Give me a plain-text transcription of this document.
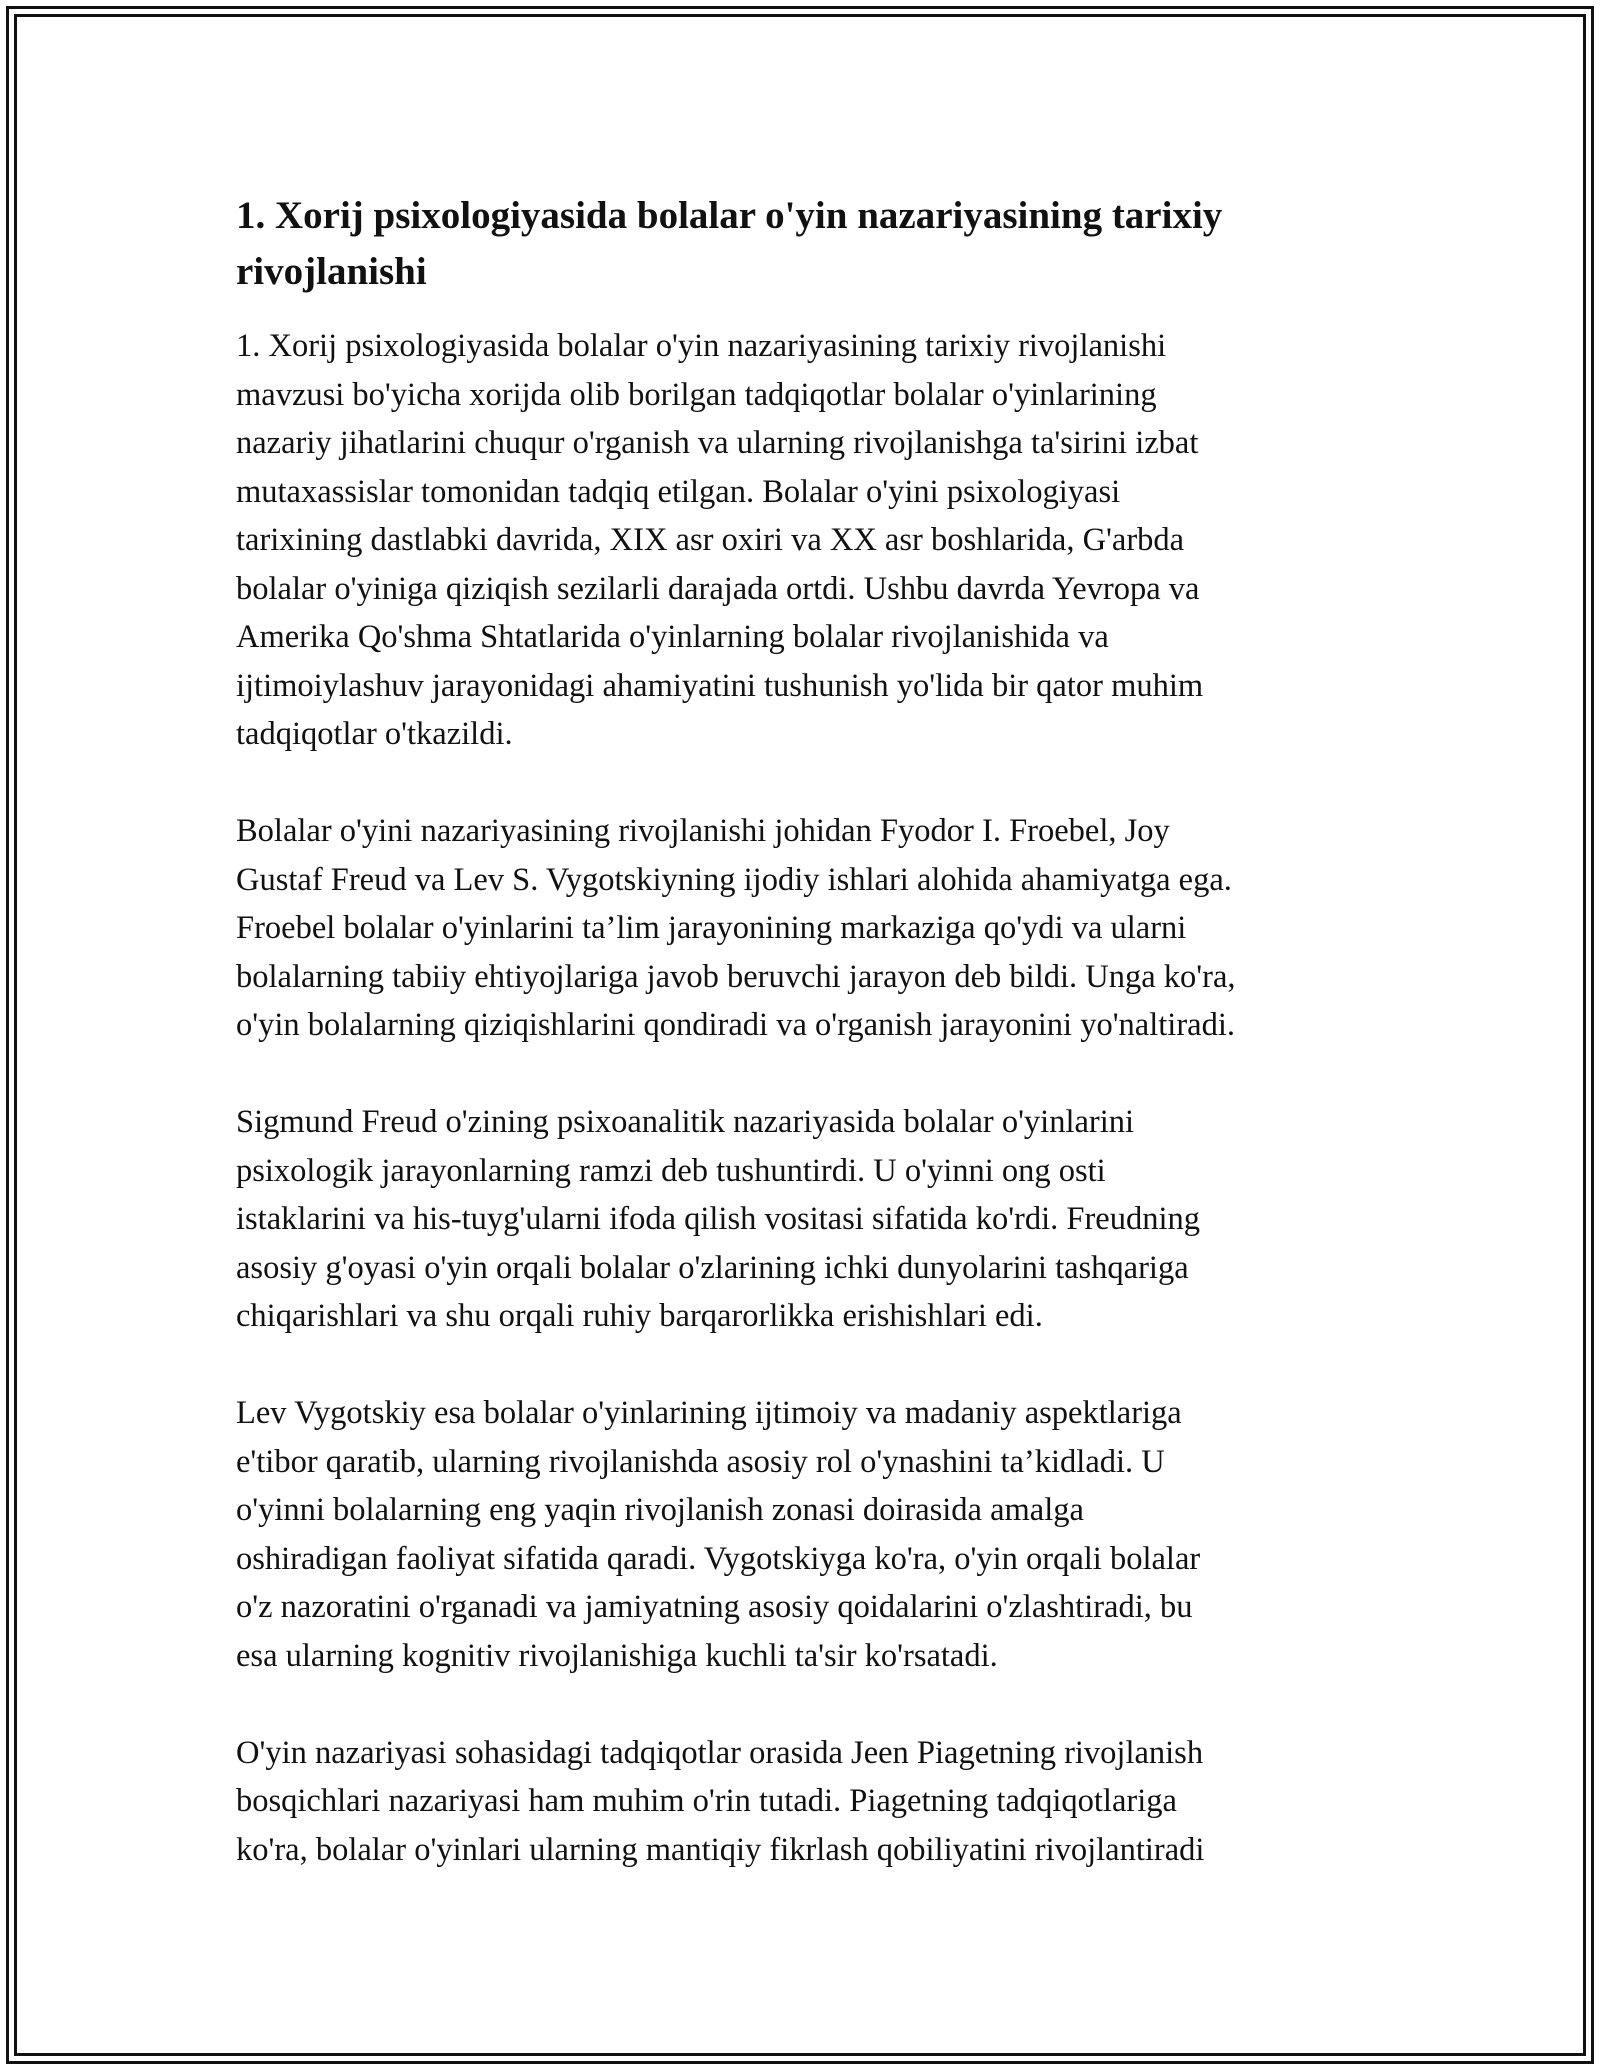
1. Xorij psixologiyasida bolalar o'yin nazariyasining tarixiy
rivojlanishi

1. Xorij psixologiyasida bolalar o'yin nazariyasining tarixiy rivojlanishi
mavzusi bo'yicha xorijda olib borilgan tadqiqotlar bolalar o'yinlarining
nazariy jihatlarini chuqur o'rganish va ularning rivojlanishga ta'sirini izbat
mutaxassislar tomonidan tadqiq etilgan. Bolalar o'yini psixologiyasi
tarixining dastlabki davrida, XIX asr oxiri va XX asr boshlarida, G'arbda
bolalar o'yiniga qiziqish sezilarli darajada ortdi. Ushbu davrda Yevropa va
Amerika Qo'shma Shtatlarida o'yinlarning bolalar rivojlanishida va
ijtimoiylashuv jarayonidagi ahamiyatini tushunish yo'lida bir qator muhim
tadqiqotlar o'tkazildi.

Bolalar o'yini nazariyasining rivojlanishi johidan Fyodor I. Froebel, Joy
Gustaf Freud va Lev S. Vygotskiyning ijodiy ishlari alohida ahamiyatga ega.
Froebel bolalar o'yinlarini ta’lim jarayonining markaziga qo'ydi va ularni
bolalarning tabiiy ehtiyojlariga javob beruvchi jarayon deb bildi. Unga ko'ra,
o'yin bolalarning qiziqishlarini qondiradi va o'rganish jarayonini yo'naltiradi.

Sigmund Freud o'zining psixoanalitik nazariyasida bolalar o'yinlarini
psixologik jarayonlarning ramzi deb tushuntirdi. U o'yinni ong osti
istaklarini va his-tuyg'ularni ifoda qilish vositasi sifatida ko'rdi. Freudning
asosiy g'oyasi o'yin orqali bolalar o'zlarining ichki dunyolarini tashqariga
chiqarishlari va shu orqali ruhiy barqarorlikka erishishlari edi.

Lev Vygotskiy esa bolalar o'yinlarining ijtimoiy va madaniy aspektlariga
e'tibor qaratib, ularning rivojlanishda asosiy rol o'ynashini ta’kidladi. U
o'yinni bolalarning eng yaqin rivojlanish zonasi doirasida amalga
oshiradigan faoliyat sifatida qaradi. Vygotskiyga ko'ra, o'yin orqali bolalar
o'z nazoratini o'rganadi va jamiyatning asosiy qoidalarini o'zlashtiradi, bu
esa ularning kognitiv rivojlanishiga kuchli ta'sir ko'rsatadi.

O'yin nazariyasi sohasidagi tadqiqotlar orasida Jeen Piagetning rivojlanish
bosqichlari nazariyasi ham muhim o'rin tutadi. Piagetning tadqiqotlariga
ko'ra, bolalar o'yinlari ularning mantiqiy fikrlash qobiliyatini rivojlantiradi
